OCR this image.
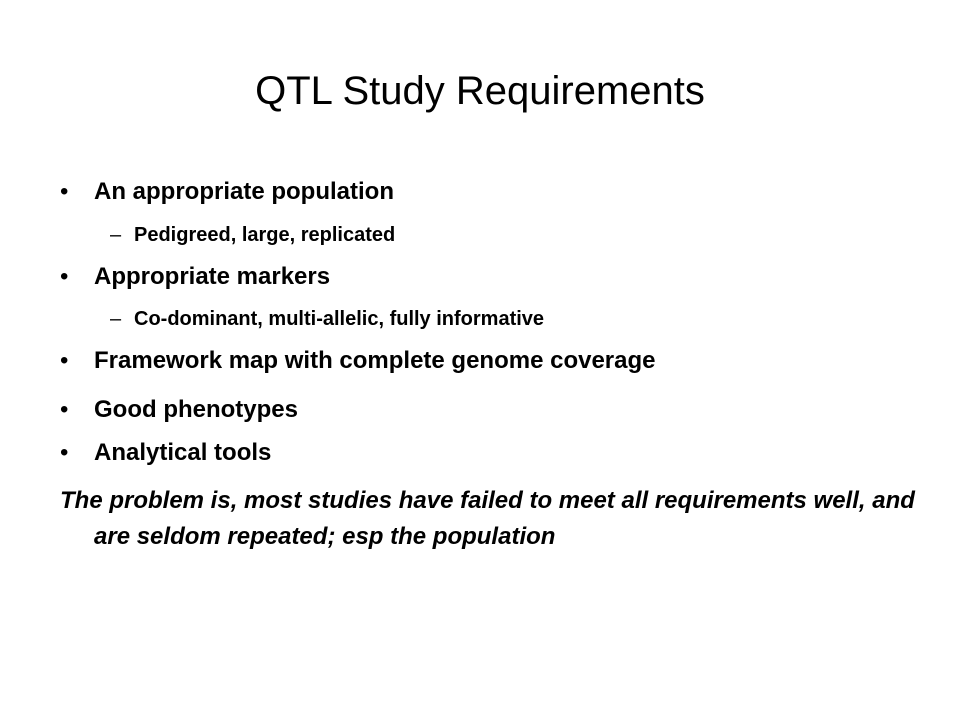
QTL Study Requirements
• An appropriate population
– Pedigreed, large, replicated
• Appropriate markers
– Co-dominant, multi-allelic, fully informative
• Framework map with complete genome coverage
• Good phenotypes
• Analytical tools

The problem is, most studies have failed to meet all requirements well, and are seldom repeated; esp the population
